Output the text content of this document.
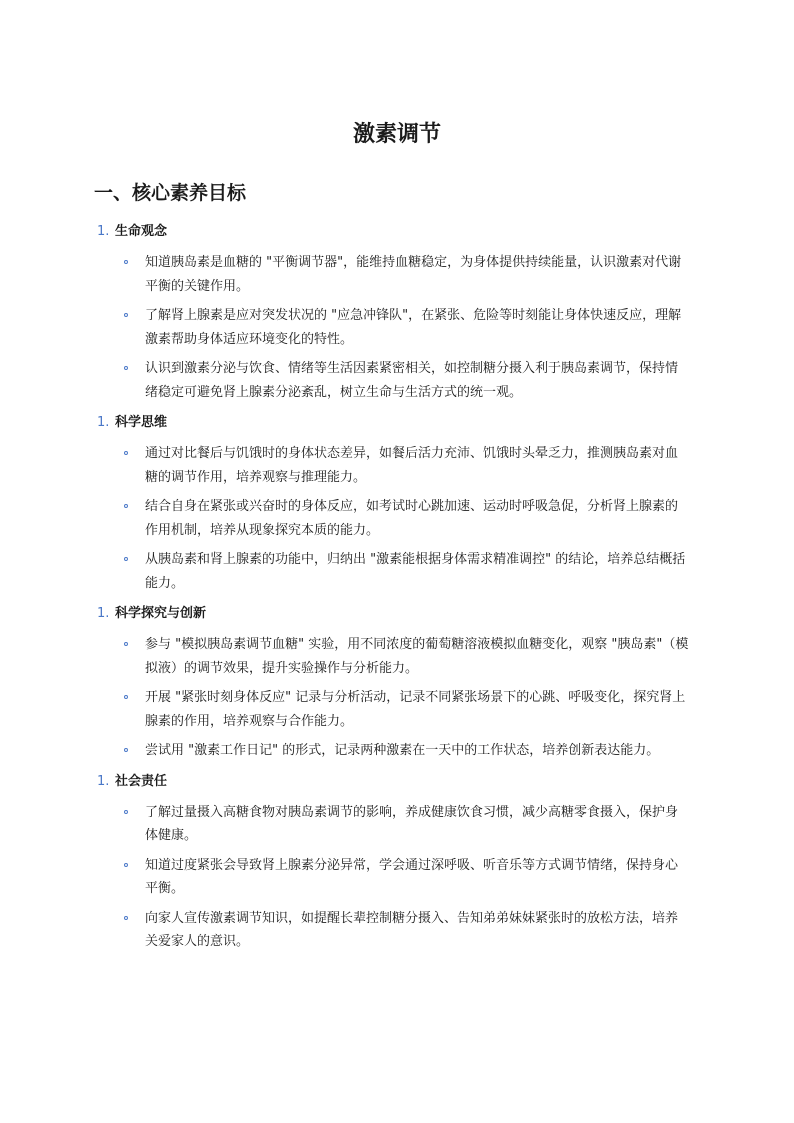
激素调节
一、核心素养目标
1. 生命观念
知道胰岛素是血糖的 "平衡调节器"，能维持血糖稳定，为身体提供持续能量，认识激素对代谢平衡的关键作用。
了解肾上腺素是应对突发状况的 "应急冲锋队"，在紧张、危险等时刻能让身体快速反应，理解激素帮助身体适应环境变化的特性。
认识到激素分泌与饮食、情绪等生活因素紧密相关，如控制糖分摄入利于胰岛素调节，保持情绪稳定可避免肾上腺素分泌紊乱，树立生命与生活方式的统一观。
1. 科学思维
通过对比餐后与饥饿时的身体状态差异，如餐后活力充沛、饥饿时头晕乏力，推测胰岛素对血糖的调节作用，培养观察与推理能力。
结合自身在紧张或兴奋时的身体反应，如考试时心跳加速、运动时呼吸急促，分析肾上腺素的作用机制，培养从现象探究本质的能力。
从胰岛素和肾上腺素的功能中，归纳出 "激素能根据身体需求精准调控" 的结论，培养总结概括能力。
1. 科学探究与创新
参与 "模拟胰岛素调节血糖" 实验，用不同浓度的葡萄糖溶液模拟血糖变化，观察 "胰岛素"（模拟液）的调节效果，提升实验操作与分析能力。
开展 "紧张时刻身体反应" 记录与分析活动，记录不同紧张场景下的心跳、呼吸变化，探究肾上腺素的作用，培养观察与合作能力。
尝试用 "激素工作日记" 的形式，记录两种激素在一天中的工作状态，培养创新表达能力。
1. 社会责任
了解过量摄入高糖食物对胰岛素调节的影响，养成健康饮食习惯，减少高糖零食摄入，保护身体健康。
知道过度紧张会导致肾上腺素分泌异常，学会通过深呼吸、听音乐等方式调节情绪，保持身心平衡。
向家人宣传激素调节知识，如提醒长辈控制糖分摄入、告知弟弟妹妹紧张时的放松方法，培养关爱家人的意识。
